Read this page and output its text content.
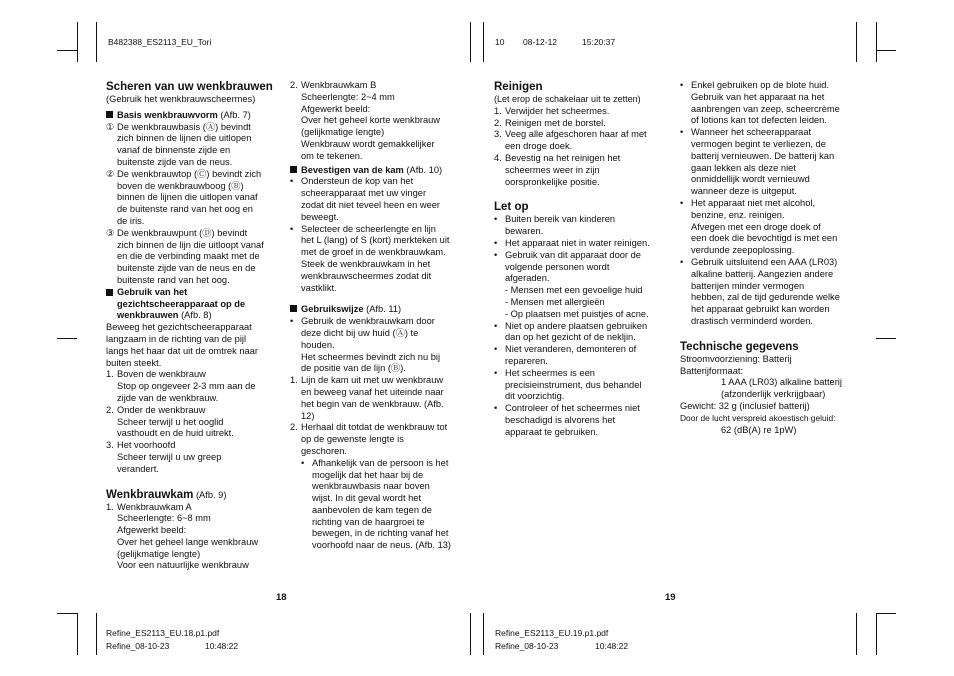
B482388_ES2113_EU_Tori	10 08-12-12	15:20:37

Scheren van uw wenkbrauwen

(Gebruik het wenkbrauwscheermes)

Basis wenkbrauwvorm (Afb. 7)

① De wenkbrauwbasis (Ⓐ) bevindt
zich binnen de lijnen die uitlopen
vanaf de binnenste zijde en
buitenste zijde van de neus.
② De wenkbrauwtop (Ⓒ) bevindt zich
boven de wenkbrauwboog (Ⓑ)
binnen de lijnen die uitlopen vanaf
de buitenste rand van het oog en
de iris.
③ De wenkbrauwpunt (Ⓓ) bevindt
zich binnen de lijn die uitloopt vanaf
en die de verbinding maakt met de
buitenste zijde van de neus en de
buitenste rand van het oog.

Gebruik van het
gezichtscheerapparaat op de
wenkbrauwen (Afb. 8)

Beweeg het gezichtscheerapparaat
langzaam in de richting van de pijl
langs het haar dat uit de omtrek naar
buiten steekt.
1. Boven de wenkbrauw
Stop op ongeveer 2-3 mm aan de
zijde van de wenkbrauw.
2. Onder de wenkbrauw
Scheer terwijl u het ooglid
vasthoudt en de huid uitrekt.
3. Het voorhoofd
Scheer terwijl u uw greep
verandert.

Wenkbrauwkam (Afb. 9)

1. Wenkbrauwkam A
Scheerlengte: 6~8 mm
Afgewerkt beeld:
Over het geheel lange wenkbrauw
(gelijkmatige lengte)
Voor een natuurlijke wenkbrauw
2. Wenkbrauwkam B
Scheerlengte: 2~4 mm
Afgewerkt beeld:
Over het geheel korte wenkbrauw
(gelijkmatige lengte)
Wenkbrauw wordt gemakkelijker
om te tekenen.

Bevestigen van de kam (Afb. 10)

• Ondersteun de kop van het
scheerapparaat met uw vinger
zodat dit niet teveel heen en weer
beweegt.
• Selecteer de scheerlengte en lijn
het L (lang) of S (kort) merkteken uit
met de groef in de wenkbrauwkam.
Steek de wenkbrauwkam in het
wenkbrauwscheermes zodat dit
vastklikt.

Gebruikswijze (Afb. 11)

• Gebruik de wenkbrauwkam door
deze dicht bij uw huid (Ⓐ) te
houden.
Het scheermes bevindt zich nu bij
de positie van de lijn (Ⓑ).
1. Lijn de kam uit met uw wenkbrauw
en beweeg vanaf het uiteinde naar
het begin van de wenkbrauw. (Afb.
12)
2. Herhaal dit totdat de wenkbrauw tot
op de gewenste lengte is
geschoren.
• Afhankelijk van de persoon is het
mogelijk dat het haar bij de
wenkbrauwbasis naar boven
wijst. In dit geval wordt het
aanbevolen de kam tegen de
richting van de haargroei te
bewegen, in de richting vanaf het
voorhoofd naar de neus. (Afb. 13)

Reinigen

(Let erop de schakelaar uit te zetten)

1. Verwijder het scheermes.
2. Reinigen met de borstel.
3. Veeg alle afgeschoren haar af met
een droge doek.
4. Bevestig na het reinigen het
scheermes weer in zijn
oorspronkelijke positie.

Let op

• Buiten bereik van kinderen
bewaren.
• Het apparaat niet in water reinigen.
• Gebruik van dit apparaat door de
volgende personen wordt
afgeraden.
- Mensen met een gevoelige huid
- Mensen met allergieën
- Op plaatsen met puistjes of acne.
• Niet op andere plaatsen gebruiken
dan op het gezicht of de nekljin.
• Niet veranderen, demonteren of
repareren.
• Het scheermes is een
precisieinstrument, dus behandel
dit voorzichtig.
• Controleer of het scheermes niet
beschadigd is alvorens het
apparaat te gebruiken.
• Enkel gebruiken op de blote huid.
Gebruik van het apparaat na het
aanbrengen van zeep, scheercrème
of lotions kan tot defecten leiden.
• Wanneer het scheerapparaat
vermogen begint te verliezen, de
batterij vernieuwen. De batterij kan
gaan lekken als deze niet
onmiddellijk wordt vernieuwd
wanneer deze is uitgeput.
• Het apparaat niet met alcohol,
benzine, enz. reinigen.
Afvegen met een droge doek of
een doek die bevochtigd is met een
verdunde zeepoplossing.
• Gebruik uitsluitend een AAA (LR03)
alkaline batterij. Aangezien andere
batterijen minder vermogen
hebben, zal de tijd gedurende welke
het apparaat gebruikt kan worden
drastisch verminderd worden.

Technische gegevens

Stroomvoorziening: Batterij

Batterijformaat:

1 AAA (LR03) alkaline batterij

(afzonderlijk verkrijgbaar)

Gewicht: 32 g (inclusief batterij)

Door de lucht verspreid akoestisch geluid:

62 (dB(A) re 1pW)

18	19
Refine_ES2113_EU.18.p1.pdf
Refine_08-10-23	10:48:22
Refine_ES2113_EU.19.p1.pdf
Refine_08-10-23	10:48:22
